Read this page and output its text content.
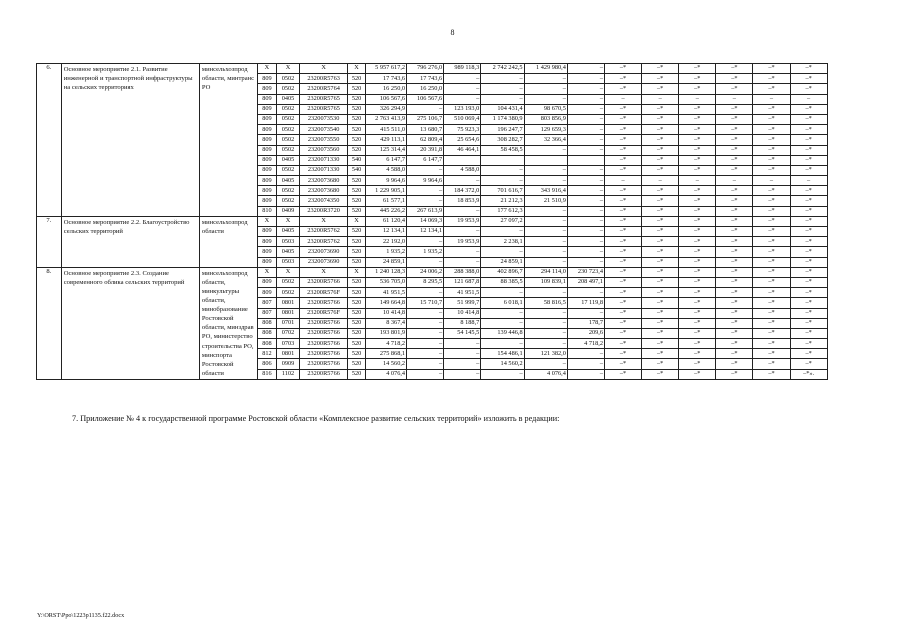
8
6.	Основное мероприятие 2.1. Развитие инженерной и транспортной инфраструктуры на сельских территориях	минсельхозпрод области, минтранс РО	Х	Х	Х	Х	5 957 617,2	796 276,0	989 118,3	2 742 242,5	1 429 980,4	–	–*	–*	–*	–*	–*	–*
			809	0502	23200R5763	520	17 743,6	17 743,6	–	–	–	–	–*	–*	–*	–*	–*	–*
			809	0502	23200R5764	520	16 250,0	16 250,0	–	–	–	–	–*	–*	–*	–*	–*	–*
			809	0405	23200R5765	520	106 567,6	106 567,6	–	–	–	–	–	–	–	–	–	–
			809	0502	23200R5765	520	326 294,9	–	123 193,0	104 431,4	98 670,5	–	–*	–*	–*	–*	–*	–*
			809	0502	2320073530	520	2 763 413,9	275 106,7	510 069,4	1 174 380,9	803 856,9	–	–*	–*	–*	–*	–*	–*
			809	0502	2320073540	520	415 511,0	13 680,7	75 923,3	196 247,7	129 659,3	–	–*	–*	–*	–*	–*	–*
			809	0502	2320073550	520	429 113,1	62 809,4	25 654,6	308 282,7	32 366,4	–	–*	–*	–*	–*	–*	–*
			809	0502	2320073560	520	125 314,4	20 391,8	46 464,1	58 458,5	–	–	–*	–*	–*	–*	–*	–*
			809	0405	2320071330	540	6 147,7	6 147,7					–*	–*	–*	–*	–*	–*
			809	0502	2320071330	540	4 588,0	–	4 588,0	–	–	–	–*	–*	–*	–*	–*	–*
			809	0405	2320073680	520	9 964,6	9 964,6	–	–	–	–	–	–	–	–	–	–
			809	0502	2320073680	520	1 229 905,1	–	184 372,0	701 616,7	343 916,4	–	–*	–*	–*	–*	–*	–*
			809	0502	2320074350	520	61 577,1	–	18 853,9	21 212,3	21 510,9	–	–*	–*	–*	–*	–*	–*
			810	0409	23200R3720	520	445 226,2	267 613,9	–	177 612,3	–	–	–*	–*	–*	–*	–*	–*
7.	Основное мероприятие 2.2. Благоустройство сельских территорий	минсельхозпрод области	Х	Х	Х	Х	61 120,4	14 069,3	19 953,9	27 097,2	–	–	–*	–*	–*	–*	–*	–*
			809	0405	23200R5762	520	12 134,1	12 134,1	–	–	–	–	–*	–*	–*	–*	–*	–*
			809	0503	23200R5762	520	22 192,0	–	19 953,9	2 238,1	–	–	–*	–*	–*	–*	–*	–*
			809	0405	2320073690	520	1 935,2	1 935,2	–	–	–	–	–*	–*	–*	–*	–*	–*
			809	0503	2320073690	520	24 859,1	–	–	24 859,1	–	–	–*	–*	–*	–*	–*	–*
8.	Основное мероприятие 2.3. Создание современного облика сельских территорий	минсельхозпрод области, минкультуры области, минобразование Ростовской области, минздрав РО, министерство строительства РО, минспорта Ростовской области	Х	Х	Х	Х	1 240 128,3	24 006,2	288 388,0	402 896,7	294 114,0	230 723,4	–*	–*	–*	–*	–*	–*
			809	0502	23200R5766	520	536 705,0	8 295,5	121 687,8	88 385,5	109 839,1	208 497,1	–*	–*	–*	–*	–*	–*
			809	0502	23200R576F	520	41 951,5	–	41 951,5	–	–	–	–*	–*	–*	–*	–*	–*
			807	0801	23200R5766	520	149 664,8	15 710,7	51 999,7	6 018,1	58 816,5	17 119,8	–*	–*	–*	–*	–*	–*
			807	0801	23200R576F	520	10 414,8	–	10 414,8	–	–	–	–*	–*	–*	–*	–*	–*
			808	0701	23200R5766	520	8 367,4	–	8 188,7	–	–	178,7	–*	–*	–*	–*	–*	–*
			808	0702	23200R5766	520	193 801,9	–	54 145,5	139 446,8	–	209,6	–*	–*	–*	–*	–*	–*
			808	0703	23200R5766	520	4 718,2	–	–	–	–	4 718,2	–*	–*	–*	–*	–*	–*
			812	0801	23200R5766	520	275 868,1	–	–	154 486,1	121 382,0	–	–*	–*	–*	–*	–*	–*
			806	0909	23200R5766	520	14 560,2	–	–	14 560,2	–	–	–*	–*	–*	–*	–*	–*
			816	1102	23200R5766	520	4 076,4	–	–	–	4 076,4	–	–*	–*	–*	–*	–*	–*».
7. Приложение № 4 к государственной программе Ростовской области «Комплексное развитие сельских территорий» изложить в редакции:
Y:\ORST\Ppo\1223p1135.f22.docx
